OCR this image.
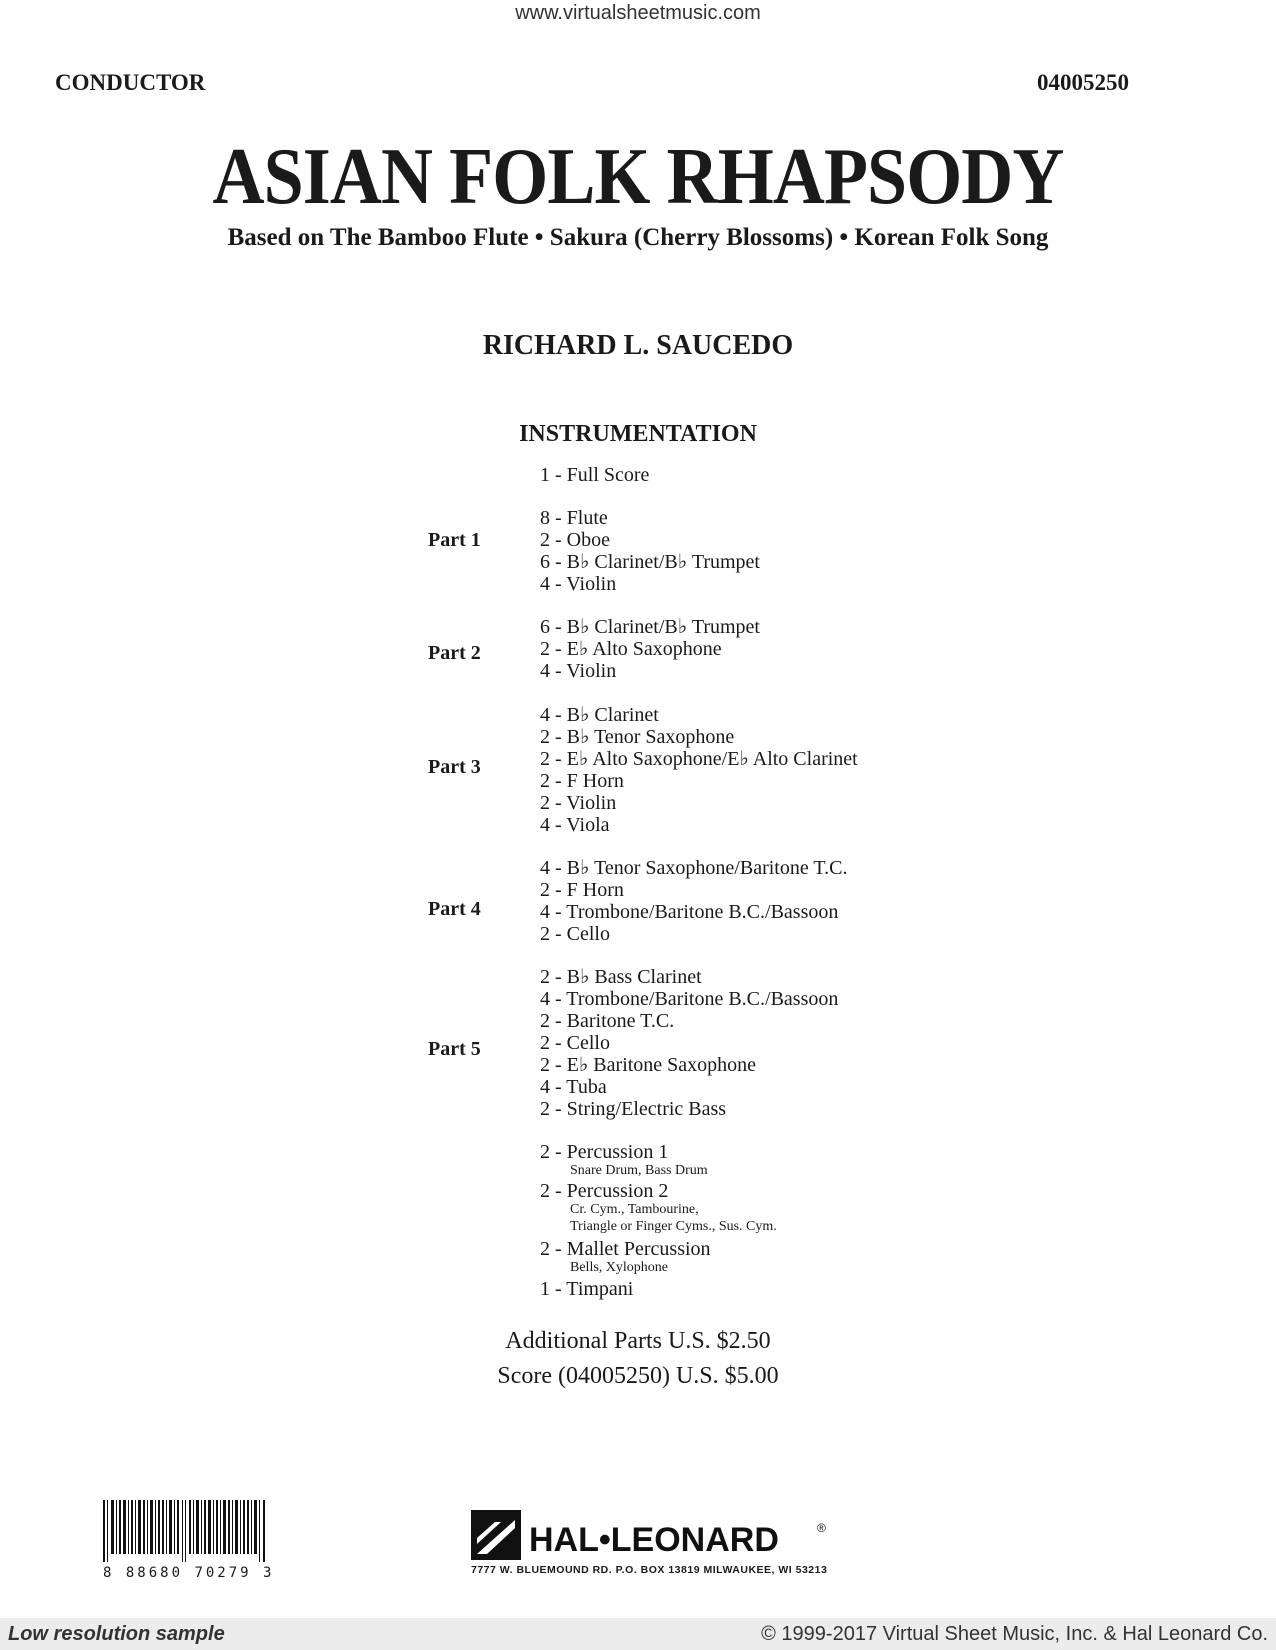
www.virtualsheetmusic.com
CONDUCTOR	04005250
ASIAN FOLK RHAPSODY
Based on The Bamboo Flute • Sakura (Cherry Blossoms) • Korean Folk Song
RICHARD L. SAUCEDO
INSTRUMENTATION
1 - Full Score
Part 1
8 - Flute
2 - Oboe
6 - B♭ Clarinet/B♭ Trumpet
4 - Violin
Part 2
6 - B♭ Clarinet/B♭ Trumpet
2 - E♭ Alto Saxophone
4 - Violin
Part 3
4 - B♭ Clarinet
2 - B♭ Tenor Saxophone
2 - E♭ Alto Saxophone/E♭ Alto Clarinet
2 - F Horn
2 - Violin
4 - Viola
Part 4
4 - B♭ Tenor Saxophone/Baritone T.C.
2 - F Horn
4 - Trombone/Baritone B.C./Bassoon
2 - Cello
Part 5
2 - B♭ Bass Clarinet
4 - Trombone/Baritone B.C./Bassoon
2 - Baritone T.C.
2 - Cello
2 - E♭ Baritone Saxophone
4 - Tuba
2 - String/Electric Bass
2 - Percussion 1
Snare Drum, Bass Drum
2 - Percussion 2
Cr. Cym., Tambourine,
Triangle or Finger Cyms., Sus. Cym.
2 - Mallet Percussion
Bells, Xylophone
1 - Timpani
Additional Parts U.S. $2.50
Score (04005250) U.S. $5.00
8 88680 70279 3
HAL•LEONARD	®
7777 W. BLUEMOUND RD. P.O. BOX 13819 MILWAUKEE, WI 53213
Low resolution sample	© 1999-2017 Virtual Sheet Music, Inc. & Hal Leonard Co.
